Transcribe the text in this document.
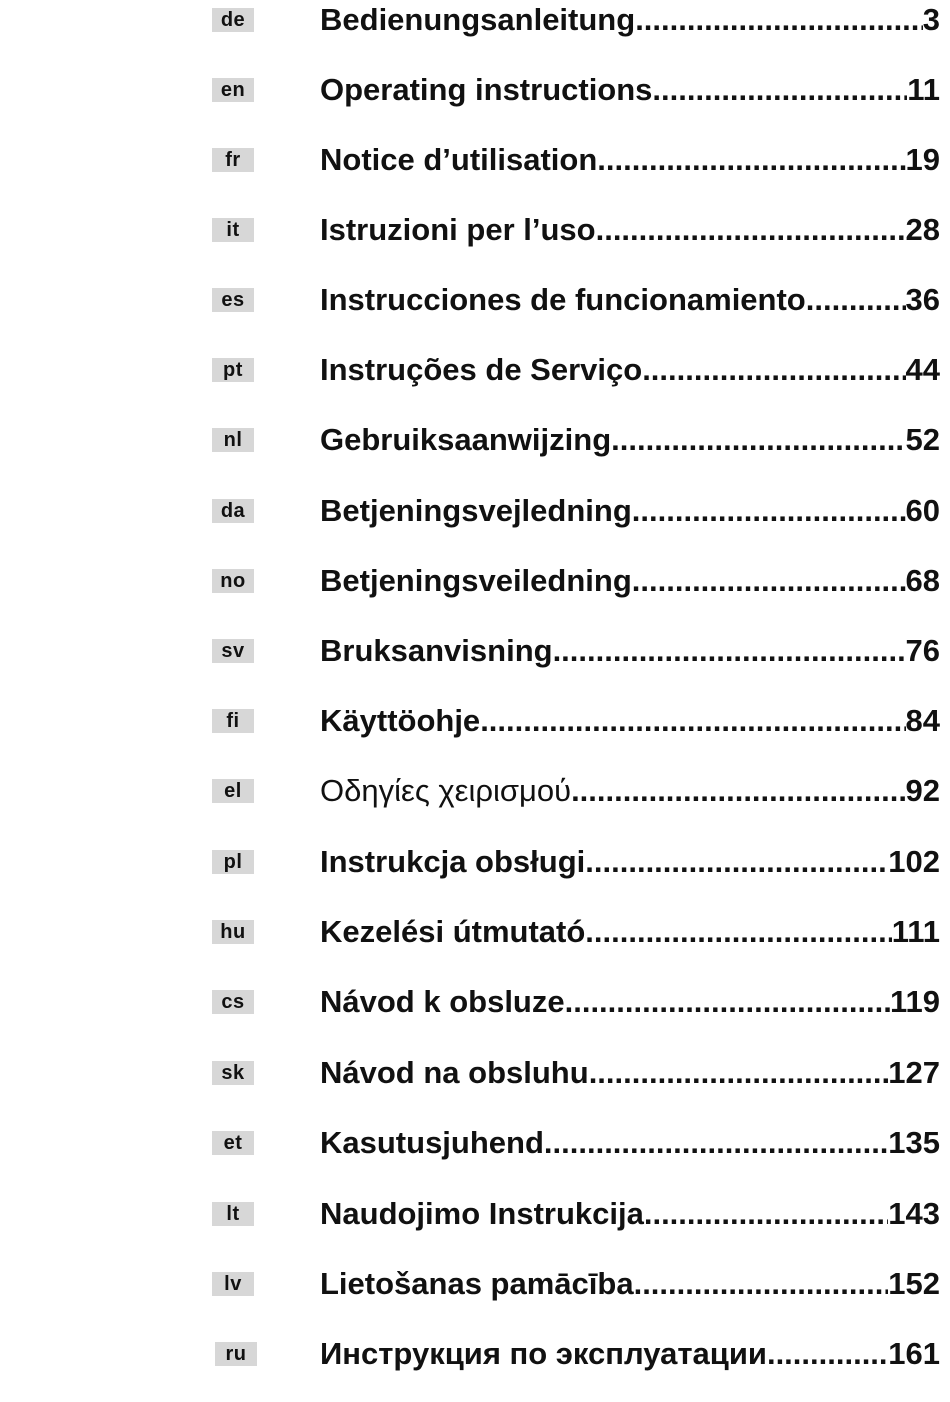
de Bedienungsanleitung .....	3
en Operating instructions .....	11
fr	Notice d’utilisation .....	19
it	Istruzioni per l’uso .....	28
es	Instrucciones de funcionamiento .....	36
pt	Instruções de Serviço .....	44
nl	Gebruiksaanwijzing .....	52
da Betjeningsvejledning .....	60
no Betjeningsveiledning .....	68
sv	Bruksanvisning .....	76
fi	Käyttöohje .....	84
el	Οδηγίες χειρισμού .....	92
pl	Instrukcja obsługi .....	102
hu Kezelési útmutató .....	111
cs	Návod k obsluze .....	119
sk	Návod na obsluhu .....	127
et	Kasutusjuhend .....	135
lt	Naudojimo Instrukcija .....	143
lv	Lietošanas pamācība .....	152
ru	Инструкция по эксплуатации .....	161
